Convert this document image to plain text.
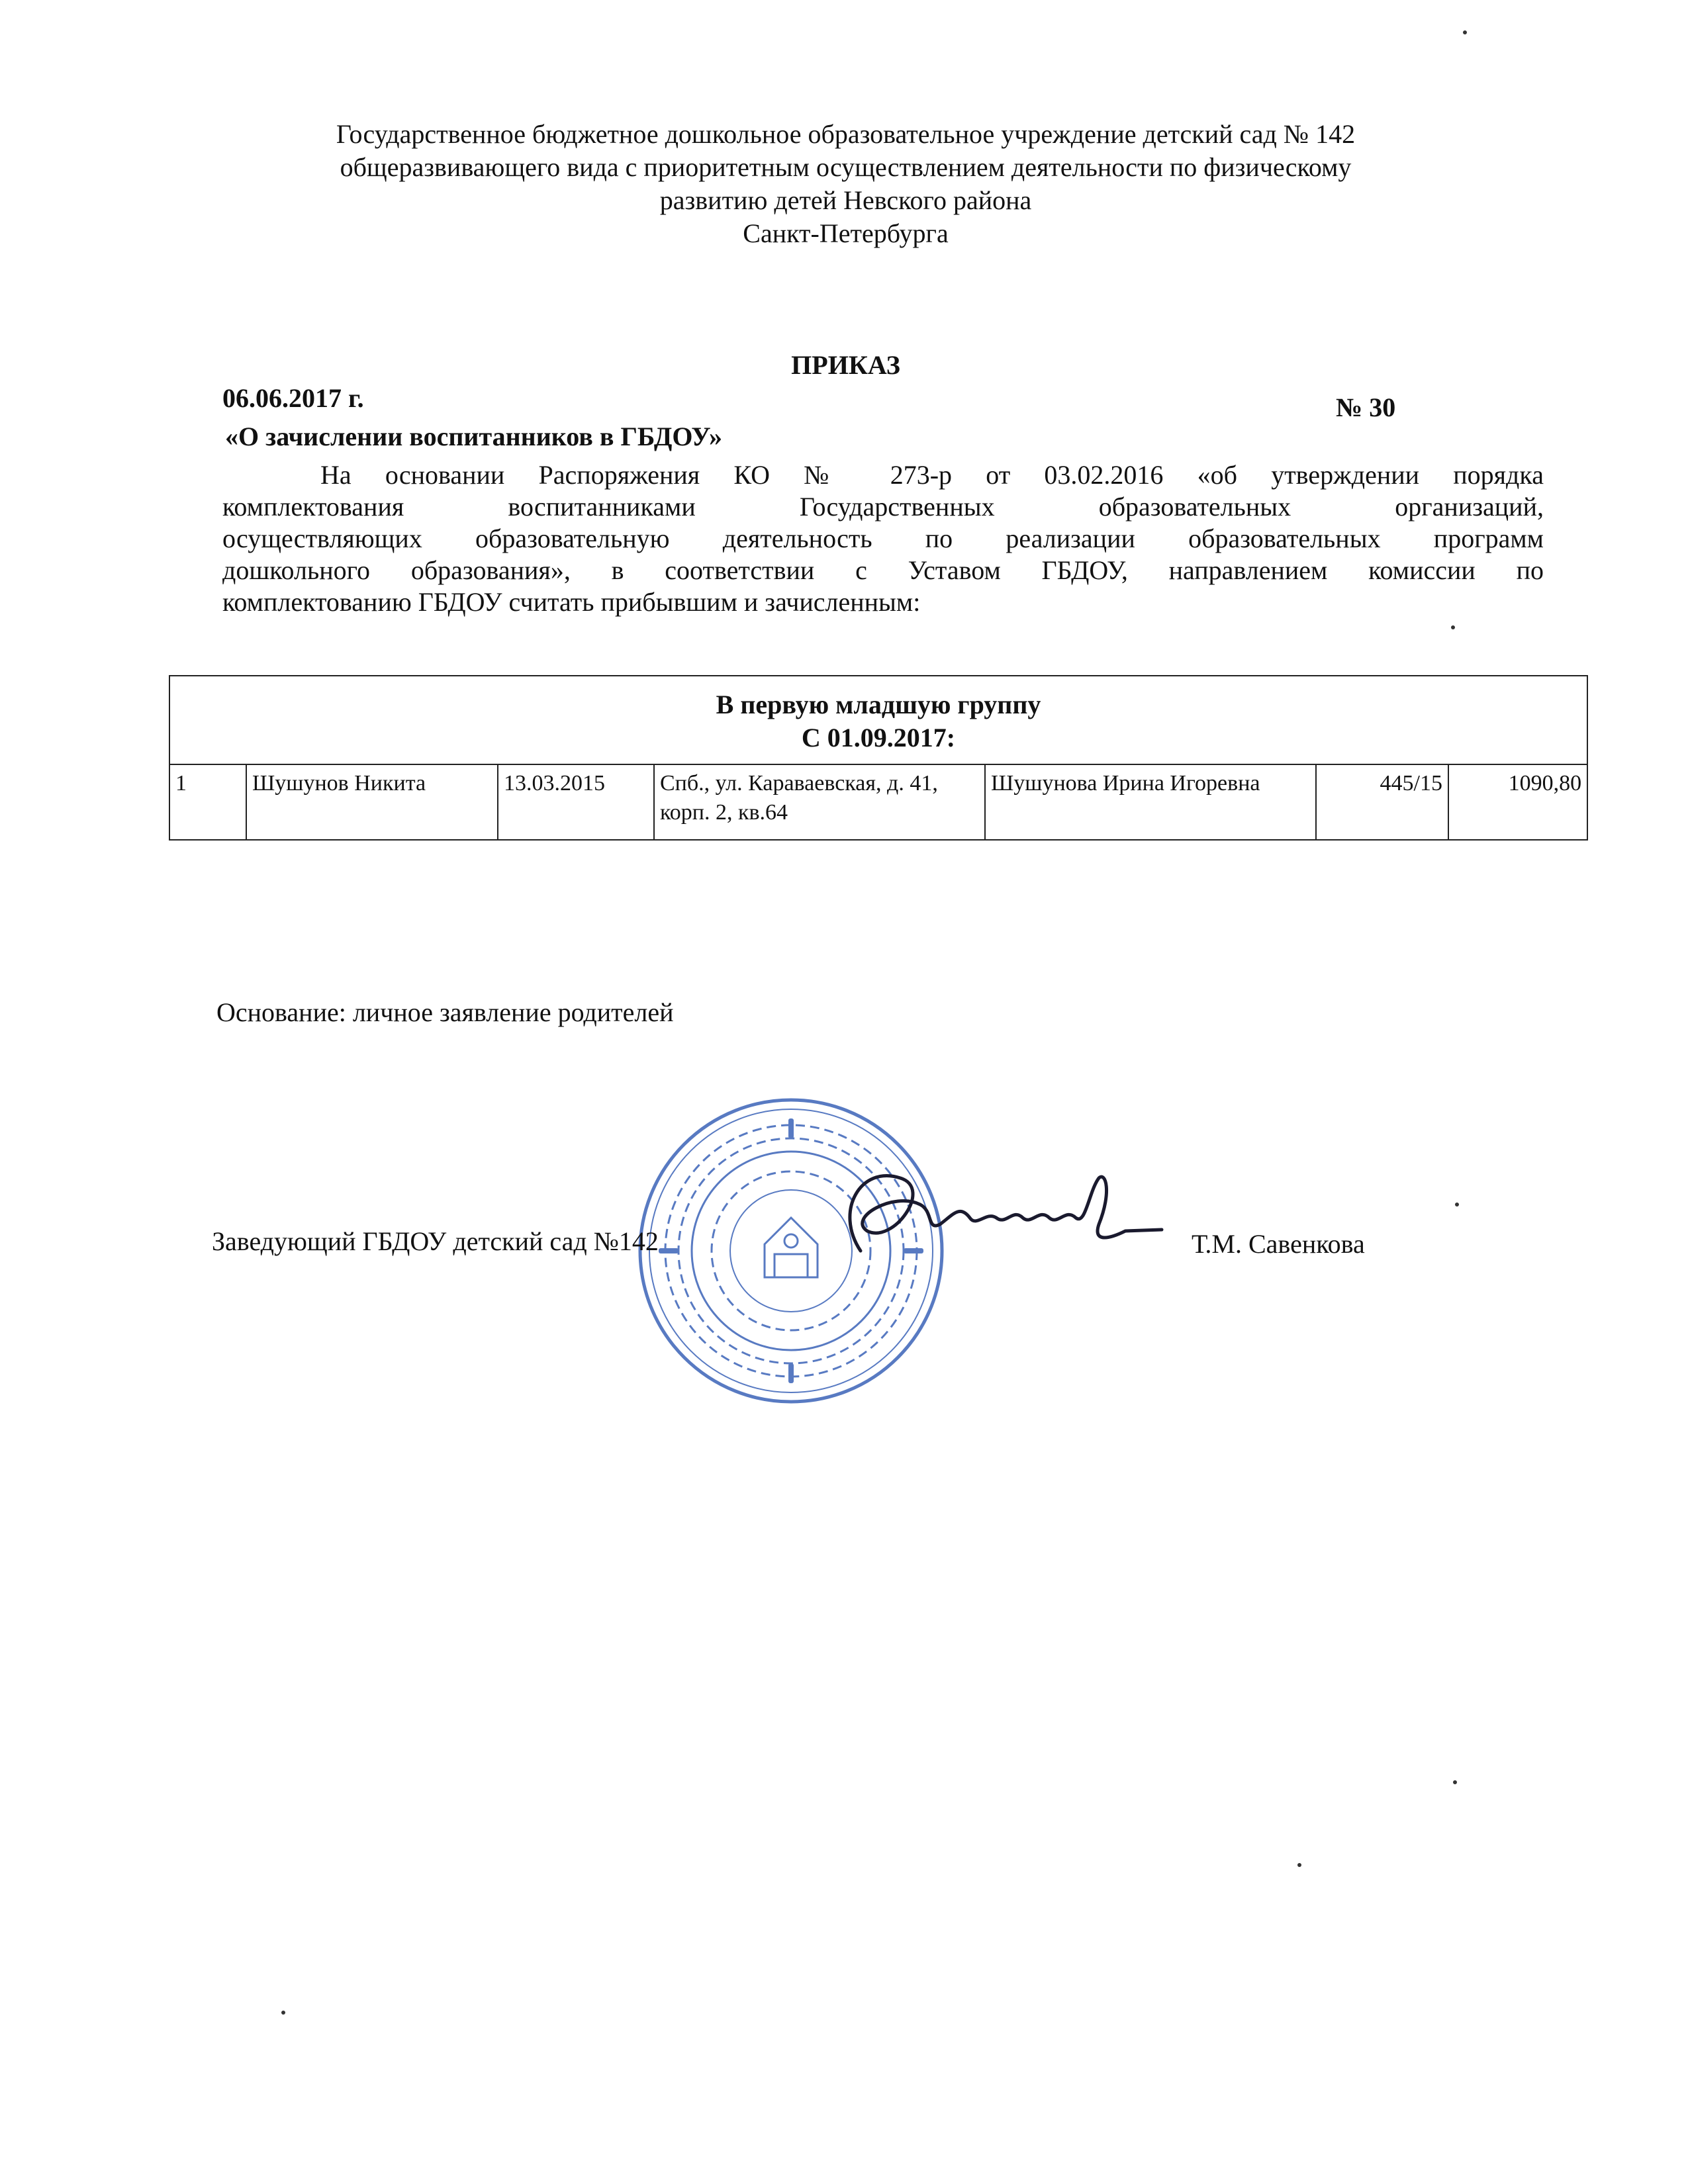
Государственное бюджетное дошкольное образовательное учреждение детский сад № 142
общеразвивающего вида с приоритетным осуществлением деятельности по физическому
развитию детей Невского района
Санкт-Петербурга
ПРИКАЗ
06.06.2017 г.	№ 30
«О зачислении воспитанников в ГБДОУ»
На основании Распоряжения КО № 273-р от 03.02.2016 «об утверждении порядка
комплектования воспитанниками Государственных образовательных организаций,
осуществляющих образовательную деятельность по реализации образовательных программ
дошкольного образования», в соответствии с Уставом ГБДОУ, направлением комиссии по
комплектованию ГБДОУ считать прибывшим и зачисленным:
В первую младшую группу
С 01.09.2017:

1	Шушунов Никита	13.03.2015	Спб., ул. Караваевская, д. 41, корп. 2, кв.64	Шушунова Ирина Игоревна	445/15	1090,80
Основание: личное заявление родителей
Заведующий ГБДОУ детский сад №142	Т.М. Савенкова
